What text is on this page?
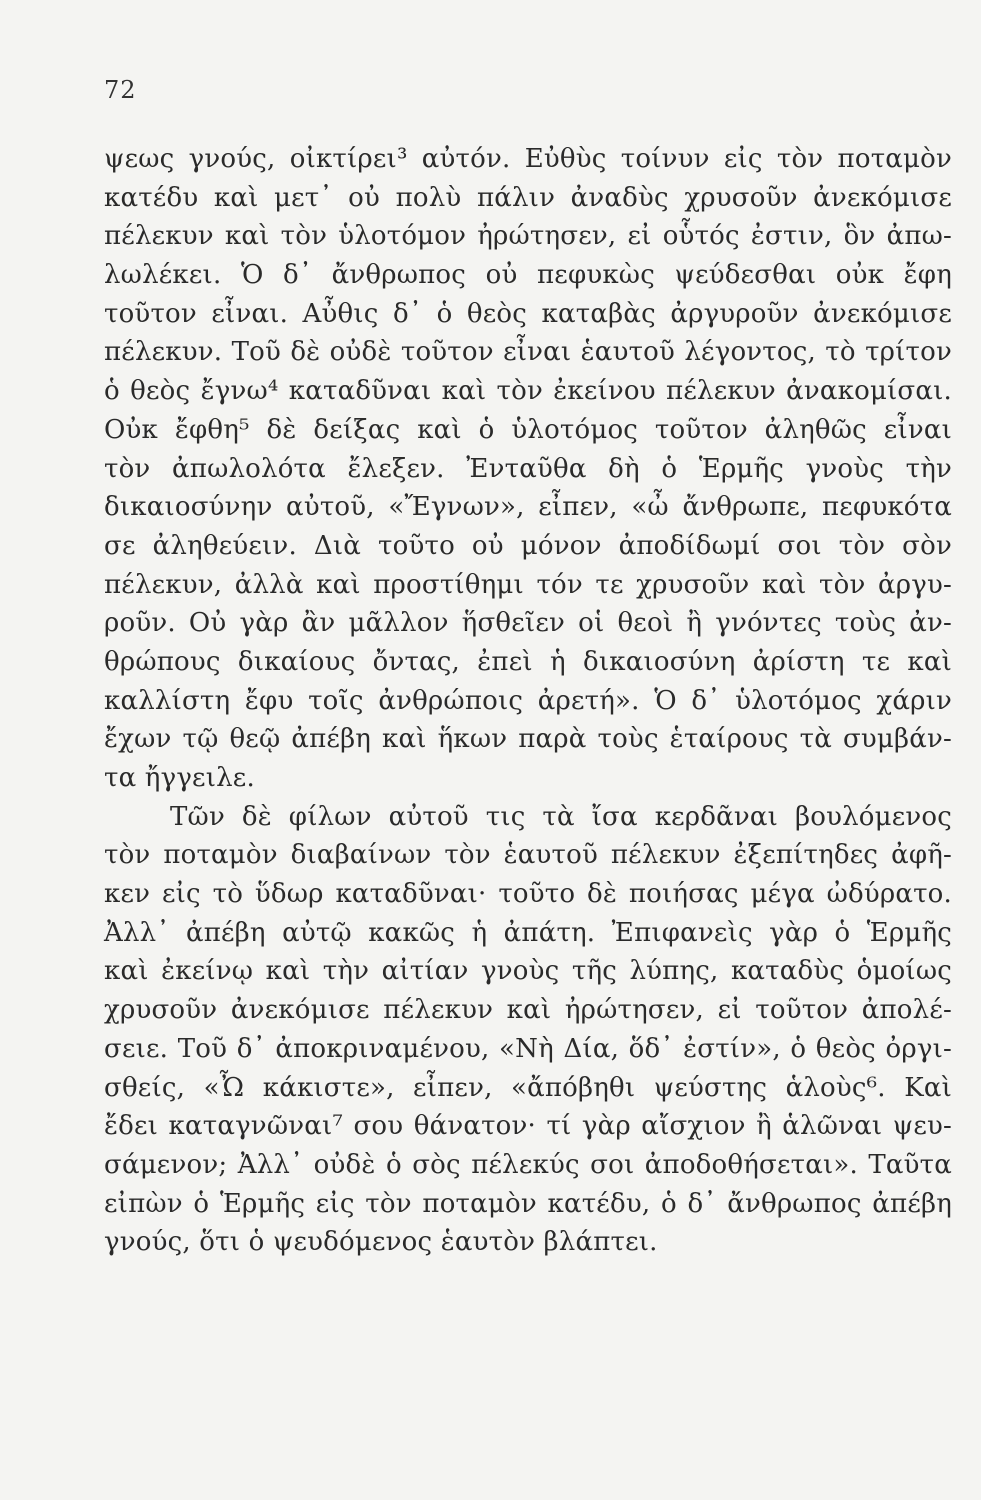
72
ψεως γνούς, οἰκτίρει³ αὐτόν. Εὐθὺς τοίνυν εἰς τὸν ποταμὸν
κατέδυ καὶ μετ᾿ οὐ πολὺ πάλιν ἀναδὺς χρυσοῦν ἀνεκόμισε
πέλεκυν καὶ τὸν ὑλοτόμον ἠρώτησεν, εἰ οὗτός ἐστιν, ὃν ἀπω-
λωλέκει. Ὁ δ᾿ ἄνθρωπος οὐ πεφυκὼς ψεύδεσθαι οὐκ ἔφη
τοῦτον εἶναι. Αὖθις δ᾿ ὁ θεὸς καταβὰς ἀργυροῦν ἀνεκόμισε
πέλεκυν. Τοῦ δὲ οὐδὲ τοῦτον εἶναι ἑαυτοῦ λέγοντος, τὸ τρίτον
ὁ θεὸς ἔγνω⁴ καταδῦναι καὶ τὸν ἐκείνου πέλεκυν ἀνακομίσαι.
Οὐκ ἔφθη⁵ δὲ δείξας καὶ ὁ ὑλοτόμος τοῦτον ἀληθῶς εἶναι
τὸν ἀπωλολότα ἔλεξεν. Ἐνταῦθα δὴ ὁ Ἑρμῆς γνοὺς τὴν
δικαιοσύνην αὐτοῦ, «Ἔγνων», εἶπεν, «ὦ ἄνθρωπε, πεφυκότα
σε ἀληθεύειν. Διὰ τοῦτο οὐ μόνον ἀποδίδωμί σοι τὸν σὸν
πέλεκυν, ἀλλὰ καὶ προστίθημι τόν τε χρυσοῦν καὶ τὸν ἀργυ-
ροῦν. Οὐ γὰρ ἂν μᾶλλον ἥσθεῖεν οἱ θεοὶ ἢ γνόντες τοὺς ἀν-
θρώπους δικαίους ὄντας, ἐπεὶ ἡ δικαιοσύνη ἀρίστη τε καὶ
καλλίστη ἔφυ τοῖς ἀνθρώποις ἀρετή». Ὁ δ᾿ ὑλοτόμος χάριν
ἔχων τῷ θεῷ ἀπέβη καὶ ἥκων παρὰ τοὺς ἑταίρους τὰ συμβάν-
τα ἤγγειλε.
Τῶν δὲ φίλων αὐτοῦ τις τὰ ἴσα κερδᾶναι βουλόμενος
τὸν ποταμὸν διαβαίνων τὸν ἑαυτοῦ πέλεκυν ἐξεπίτηδες ἀφῆ-
κεν εἰς τὸ ὕδωρ καταδῦναι· τοῦτο δὲ ποιήσας μέγα ὠδύρατο.
Ἀλλ᾿ ἀπέβη αὐτῷ κακῶς ἡ ἀπάτη. Ἐπιφανεὶς γὰρ ὁ Ἑρμῆς
καὶ ἐκείνῳ καὶ τὴν αἰτίαν γνοὺς τῆς λύπης, καταδὺς ὁμοίως
χρυσοῦν ἀνεκόμισε πέλεκυν καὶ ἠρώτησεν, εἰ τοῦτον ἀπολέ-
σειε. Τοῦ δ᾿ ἀποκριναμένου, «Νὴ Δία, ὅδ᾿ ἐστίν», ὁ θεὸς ὀργι-
σθείς, «Ὦ κάκιστε», εἶπεν, «ἄπόβηθι ψεύστης ἁλοὺς⁶. Καὶ
ἔδει καταγνῶναι⁷ σου θάνατον· τί γὰρ αἴσχιον ἢ ἁλῶναι ψευ-
σάμενον; Ἀλλ᾿ οὐδὲ ὁ σὸς πέλεκύς σοι ἀποδοθήσεται». Ταῦτα
εἰπὼν ὁ Ἑρμῆς εἰς τὸν ποταμὸν κατέδυ, ὁ δ᾿ ἄνθρωπος ἀπέβη
γνούς, ὅτι ὁ ψευδόμενος ἑαυτὸν βλάπτει.
